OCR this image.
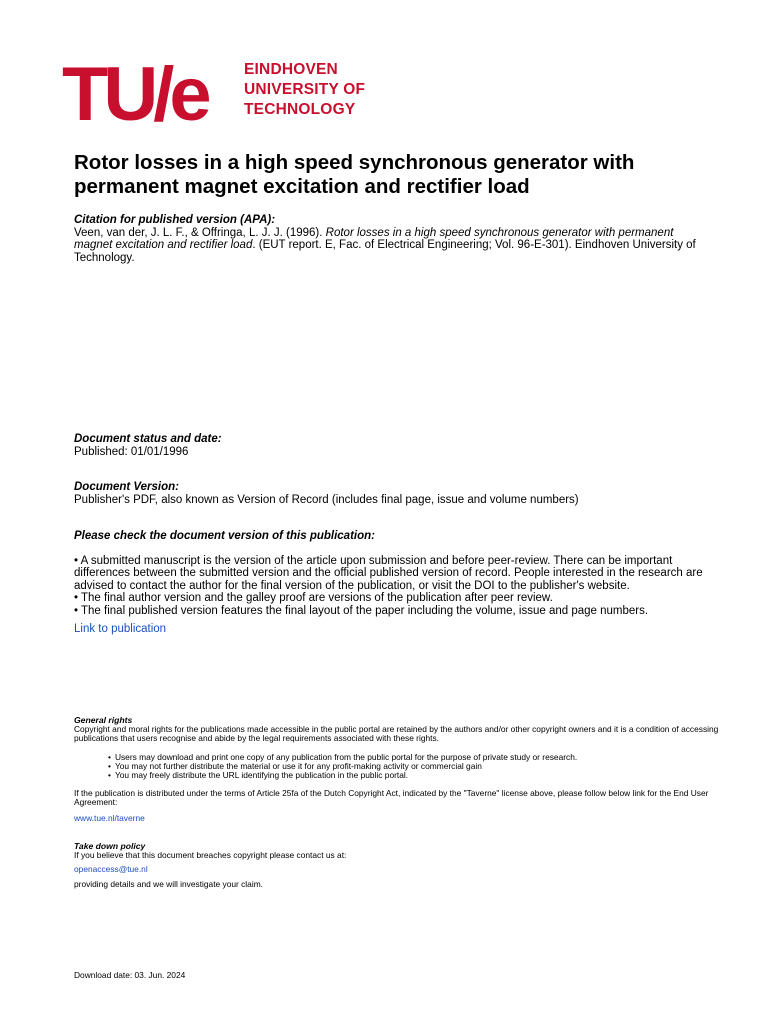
TU/e EINDHOVEN
UNIVERSITY OF
TECHNOLOGY
Rotor losses in a high speed synchronous generator with
permanent magnet excitation and rectifier load
Citation for published version (APA):
Veen, van der, J. L. F., & Offringa, L. J. J. (1996). Rotor losses in a high speed synchronous generator with permanent magnet excitation and rectifier load. (EUT report. E, Fac. of Electrical Engineering; Vol. 96-E-301). Eindhoven University of Technology.
Document status and date:
Published: 01/01/1996
Document Version:
Publisher's PDF, also known as Version of Record (includes final page, issue and volume numbers)
Please check the document version of this publication:
• A submitted manuscript is the version of the article upon submission and before peer-review. There can be important differences between the submitted version and the official published version of record. People interested in the research are advised to contact the author for the final version of the publication, or visit the DOI to the publisher's website.
• The final author version and the galley proof are versions of the publication after peer review.
• The final published version features the final layout of the paper including the volume, issue and page numbers.
Link to publication
General rights
Copyright and moral rights for the publications made accessible in the public portal are retained by the authors and/or other copyright owners and it is a condition of accessing publications that users recognise and abide by the legal requirements associated with these rights.
• Users may download and print one copy of any publication from the public portal for the purpose of private study or research.
• You may not further distribute the material or use it for any profit-making activity or commercial gain
• You may freely distribute the URL identifying the publication in the public portal.
If the publication is distributed under the terms of Article 25fa of the Dutch Copyright Act, indicated by the "Taverne" license above, please follow below link for the End User Agreement:
www.tue.nl/taverne
Take down policy
If you believe that this document breaches copyright please contact us at:
openaccess@tue.nl
providing details and we will investigate your claim.
Download date: 03. Jun. 2024
